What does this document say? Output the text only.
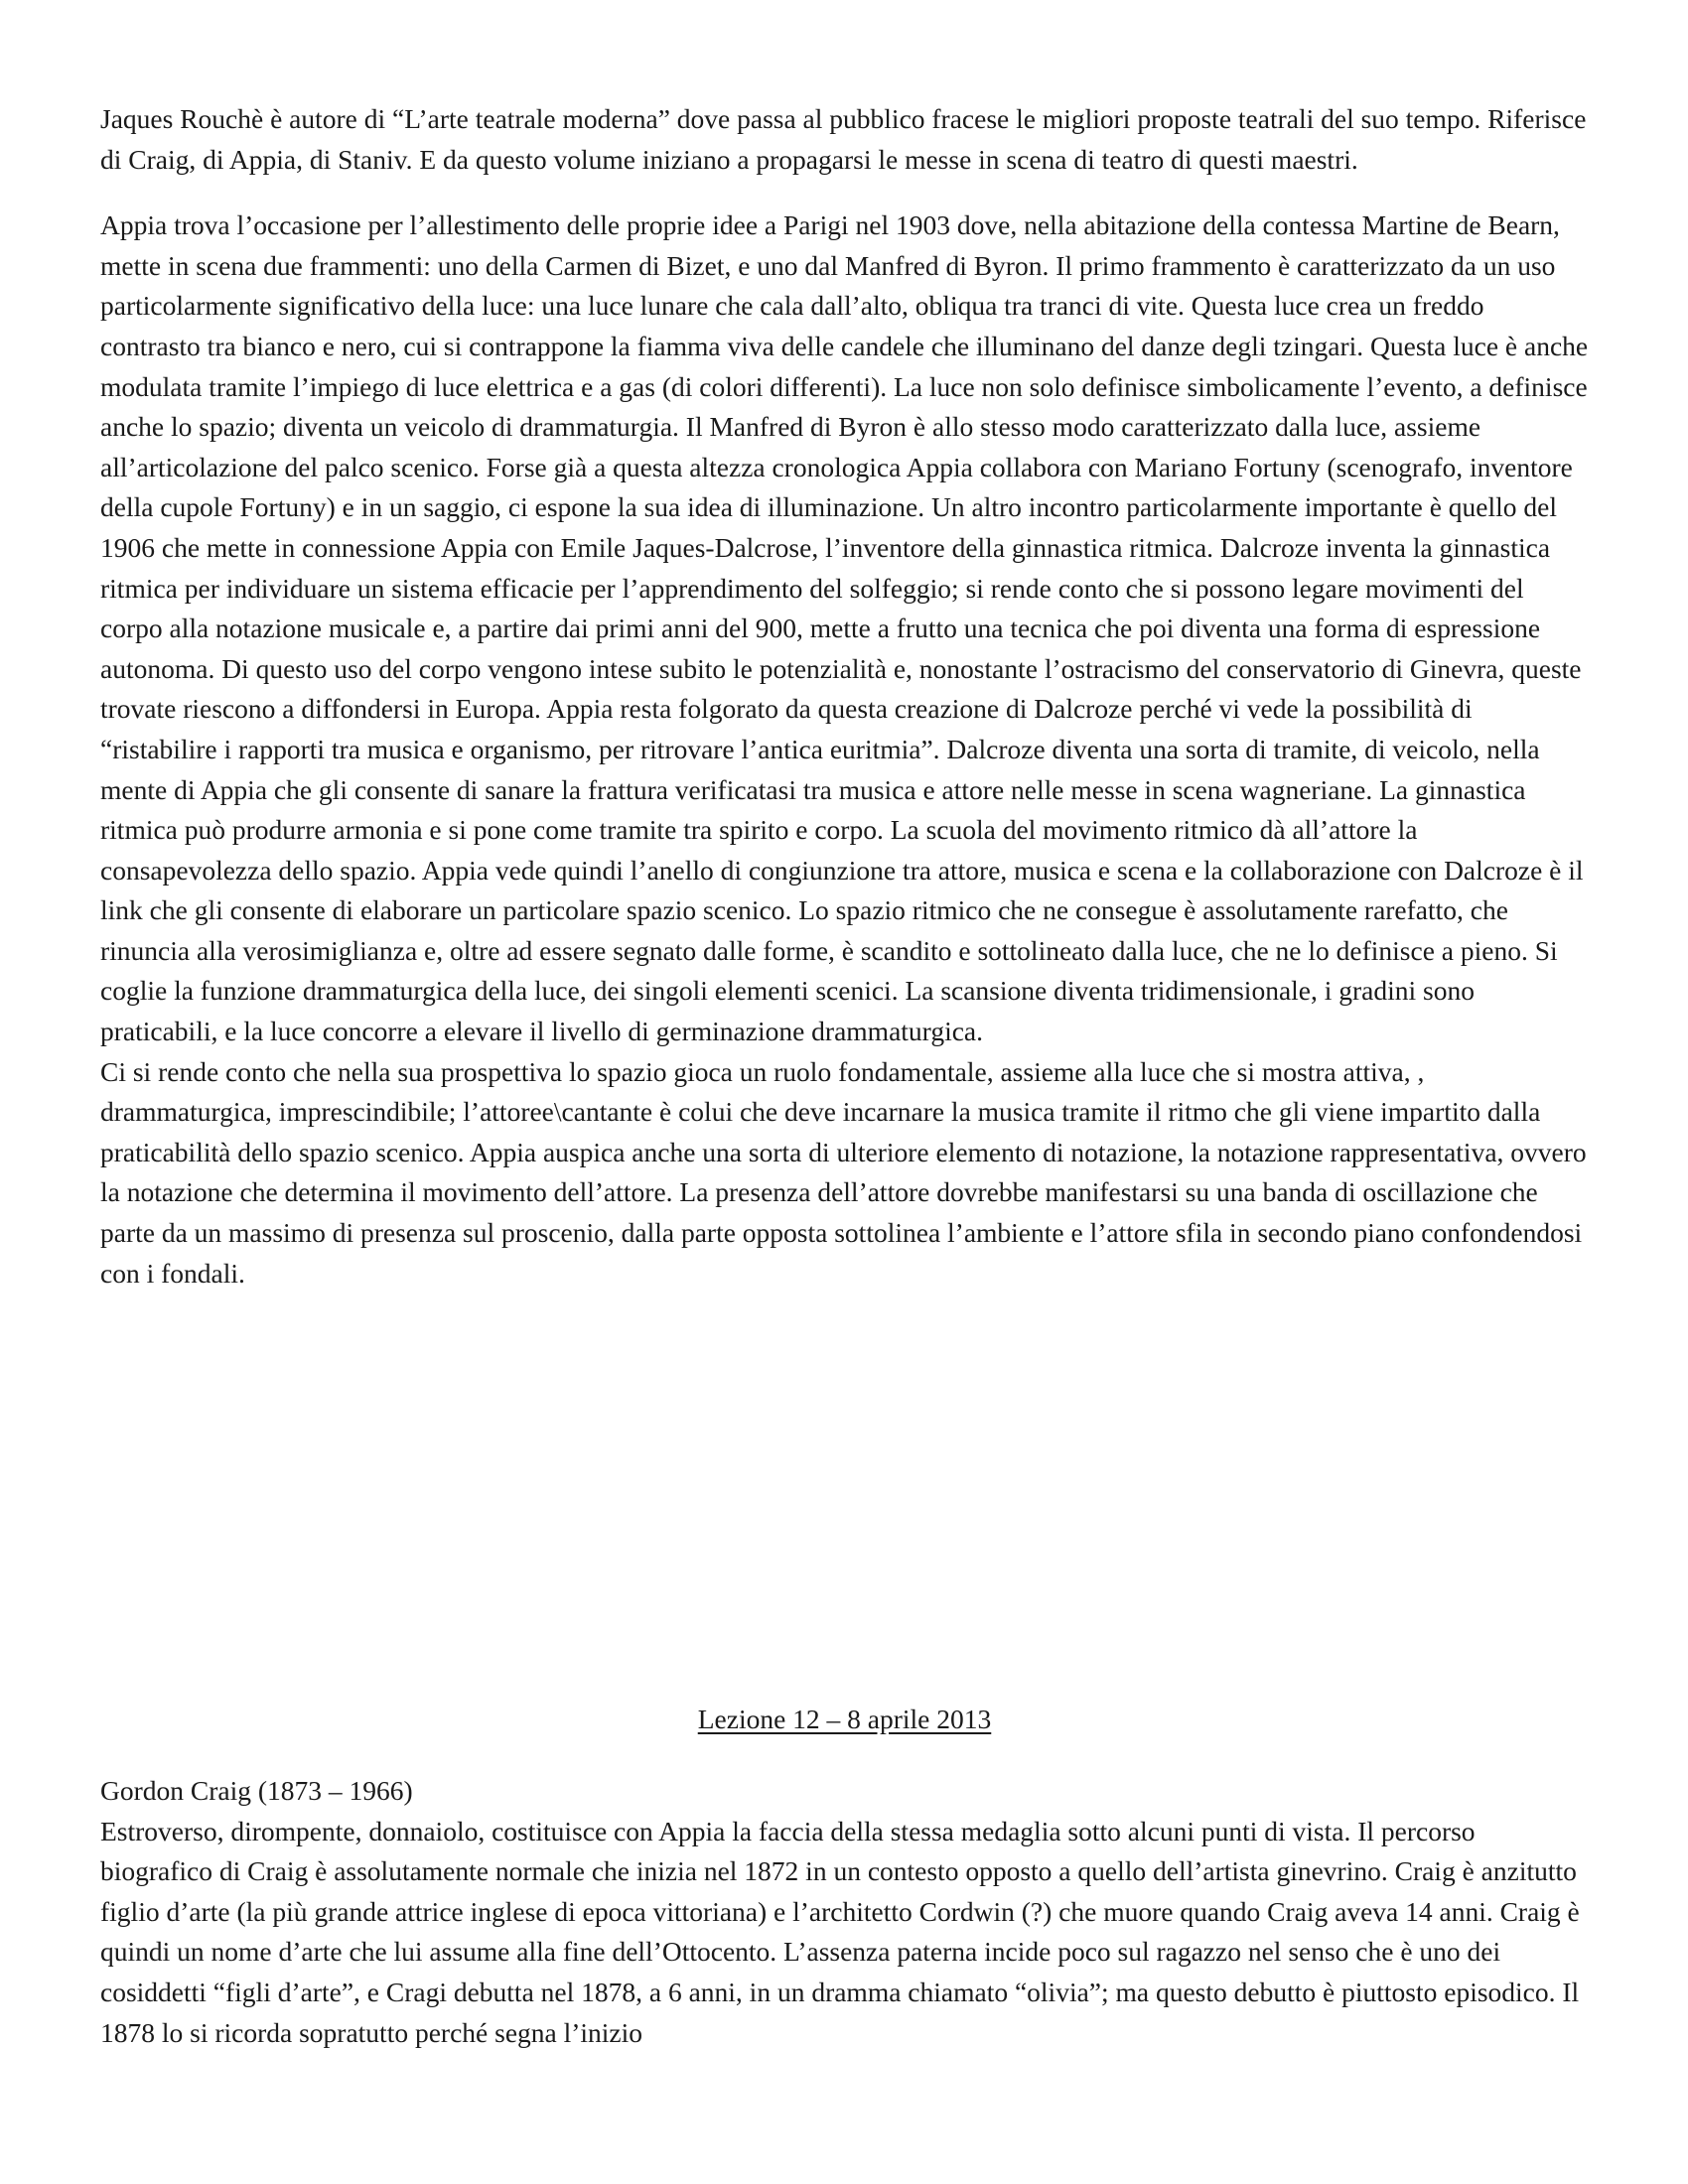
Jaques Rouchè è autore di “L’arte teatrale moderna” dove passa al pubblico fracese le migliori proposte teatrali del suo tempo. Riferisce di Craig, di Appia, di Staniv. E da questo volume iniziano a propagarsi le messe in scena di teatro di questi maestri.

Appia trova l’occasione per l’allestimento delle proprie idee a Parigi nel 1903 dove, nella abitazione della contessa Martine de Bearn, mette in scena due frammenti: uno della Carmen di Bizet, e uno dal Manfred di Byron. Il primo frammento è caratterizzato da un uso particolarmente significativo della luce: una luce lunare che cala dall’alto, obliqua tra tranci di vite. Questa luce crea un freddo contrasto tra bianco e nero, cui si contrappone la fiamma viva delle candele che illuminano del danze degli tzingari. Questa luce è anche modulata tramite l’impiego di luce elettrica e a gas (di colori differenti). La luce non solo definisce simbolicamente l’evento, a definisce anche lo spazio; diventa un veicolo di drammaturgia. Il Manfred di Byron è allo stesso modo caratterizzato dalla luce, assieme all’articolazione del palco scenico. Forse già a questa altezza cronologica Appia collabora con Mariano Fortuny (scenografo, inventore della cupole Fortuny) e in un saggio, ci espone la sua idea di illuminazione. Un altro incontro particolarmente importante è quello del 1906 che mette in connessione Appia con Emile Jaques-Dalcrose, l’inventore della ginnastica ritmica. Dalcroze inventa la ginnastica ritmica per individuare un sistema efficacie per l’apprendimento del solfeggio; si rende conto che si possono legare movimenti del corpo alla notazione musicale e, a partire dai primi anni del 900, mette a frutto una tecnica che poi diventa una forma di espressione autonoma. Di questo uso del corpo vengono intese subito le potenzialità e, nonostante l’ostracismo del conservatorio di Ginevra, queste trovate riescono a diffondersi in Europa. Appia resta folgorato da questa creazione di Dalcroze perché vi vede la possibilità di “ristabilire i rapporti tra musica e organismo, per ritrovare l’antica euritmia”. Dalcroze diventa una sorta di tramite, di veicolo, nella mente di Appia che gli consente di sanare la frattura verificatasi tra musica e attore nelle messe in scena wagneriane. La ginnastica ritmica può produrre armonia e si pone come tramite tra spirito e corpo. La scuola del movimento ritmico dà all’attore la consapevolezza dello spazio. Appia vede quindi l’anello di congiunzione tra attore, musica e scena e la collaborazione con Dalcroze è il link che gli consente di elaborare un particolare spazio scenico. Lo spazio ritmico che ne consegue è assolutamente rarefatto, che rinuncia alla verosimiglianza e, oltre ad essere segnato dalle forme, è scandito e sottolineato dalla luce, che ne lo definisce a pieno. Si coglie la funzione drammaturgica della luce, dei singoli elementi scenici. La scansione diventa tridimensionale, i gradini sono praticabili, e la luce concorre a elevare il livello di germinazione drammaturgica.

Ci si rende conto che nella sua prospettiva lo spazio gioca un ruolo fondamentale, assieme alla luce che si mostra attiva, , drammaturgica, imprescindibile; l’attoree\cantante è colui che deve incarnare la musica tramite il ritmo che gli viene impartito dalla praticabilità dello spazio scenico. Appia auspica anche una sorta di ulteriore elemento di notazione, la notazione rappresentativa, ovvero la notazione che determina il movimento dell’attore. La presenza dell’attore dovrebbe manifestarsi su una banda di oscillazione che parte da un massimo di presenza sul proscenio, dalla parte opposta sottolinea l’ambiente e l’attore sfila in secondo piano confondendosi con i fondali.

Lezione 12 – 8 aprile 2013
Gordon Craig (1873 – 1966)
Estroverso, dirompente, donnaiolo, costituisce con Appia la faccia della stessa medaglia sotto alcuni punti di vista. Il percorso biografico di Craig è assolutamente normale che inizia nel 1872 in un contesto opposto a quello dell’artista ginevrino. Craig è anzitutto figlio d’arte (la più grande attrice inglese di epoca vittoriana) e l’architetto Cordwin (?) che muore quando Craig aveva 14 anni. Craig è quindi un nome d’arte che lui assume alla fine dell’Ottocento. L’assenza paterna incide poco sul ragazzo nel senso che è uno dei cosiddetti “figli d’arte”, e Cragi debutta nel 1878, a 6 anni, in un dramma chiamato “olivia”; ma questo debutto è piuttosto episodico. Il 1878 lo si ricorda sopratutto perché segna l’inizio
